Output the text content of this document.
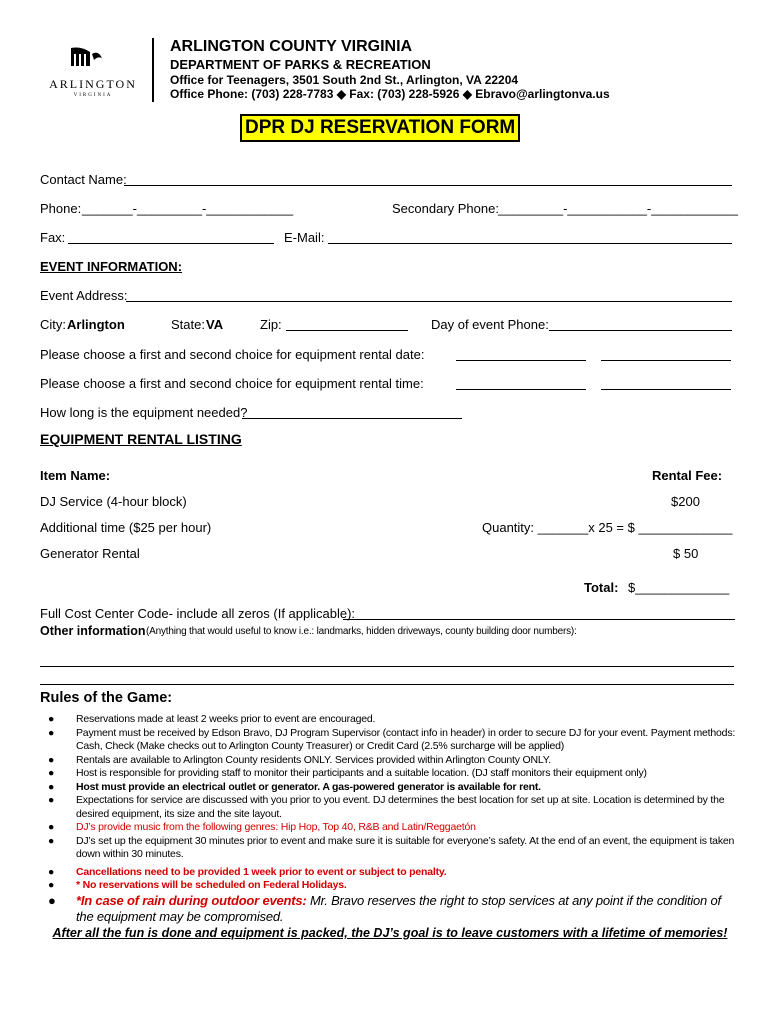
ARLINGTON
VIRGINIA
ARLINGTON COUNTY VIRGINIA
DEPARTMENT OF PARKS & RECREATION
Office for Teenagers, 3501 South 2nd St., Arlington, VA 22204
Office Phone: (703) 228-7783 ◆ Fax: (703) 228-5926 ◆ Ebravo@arlingtonva.us
DPR DJ RESERVATION FORM
Contact Name:
Phone: _______-_________-____________	Secondary Phone: _________-___________-____________
Fax:	E-Mail:
EVENT INFORMATION:
Event Address:
City: Arlington	State: VA	Zip:	Day of event Phone:
Please choose a first and second choice for equipment rental date:
Please choose a first and second choice for equipment rental time:
How long is the equipment needed?
EQUIPMENT RENTAL LISTING
Item Name:	Rental Fee:
DJ Service (4-hour block)	$200
Additional time ($25 per hour)	Quantity: _______x 25 = $ _____________
Generator Rental	$ 50
Total: $_____________
Full Cost Center Code- include all zeros (If applicable):
Other information (Anything that would useful to know i.e.: landmarks, hidden driveways, county building door numbers):
Rules of the Game:
● Reservations made at least 2 weeks prior to event are encouraged.
● Payment must be received by Edson Bravo, DJ Program Supervisor (contact info in header) in order to secure DJ for your event. Payment methods: Cash, Check (Make checks out to Arlington County Treasurer) or Credit Card (2.5% surcharge will be applied)
● Rentals are available to Arlington County residents ONLY. Services provided within Arlington County ONLY.
● Host is responsible for providing staff to monitor their participants and a suitable location. (DJ staff monitors their equipment only)
● Host must provide an electrical outlet or generator. A gas-powered generator is available for rent.
● Expectations for service are discussed with you prior to you event. DJ determines the best location for set up at site. Location is determined by the desired equipment, its size and the site layout.
● DJ’s provide music from the following genres: Hip Hop, Top 40, R&B and Latin/Reggaetón
● DJ’s set up the equipment 30 minutes prior to event and make sure it is suitable for everyone’s safety. At the end of an event, the equipment is taken down within 30 minutes.
● Cancellations need to be provided 1 week prior to event or subject to penalty.
● * No reservations will be scheduled on Federal Holidays.
● *In case of rain during outdoor events: Mr. Bravo reserves the right to stop services at any point if the condition of the equipment may be compromised.
After all the fun is done and equipment is packed, the DJ’s goal is to leave customers with a lifetime of memories!
